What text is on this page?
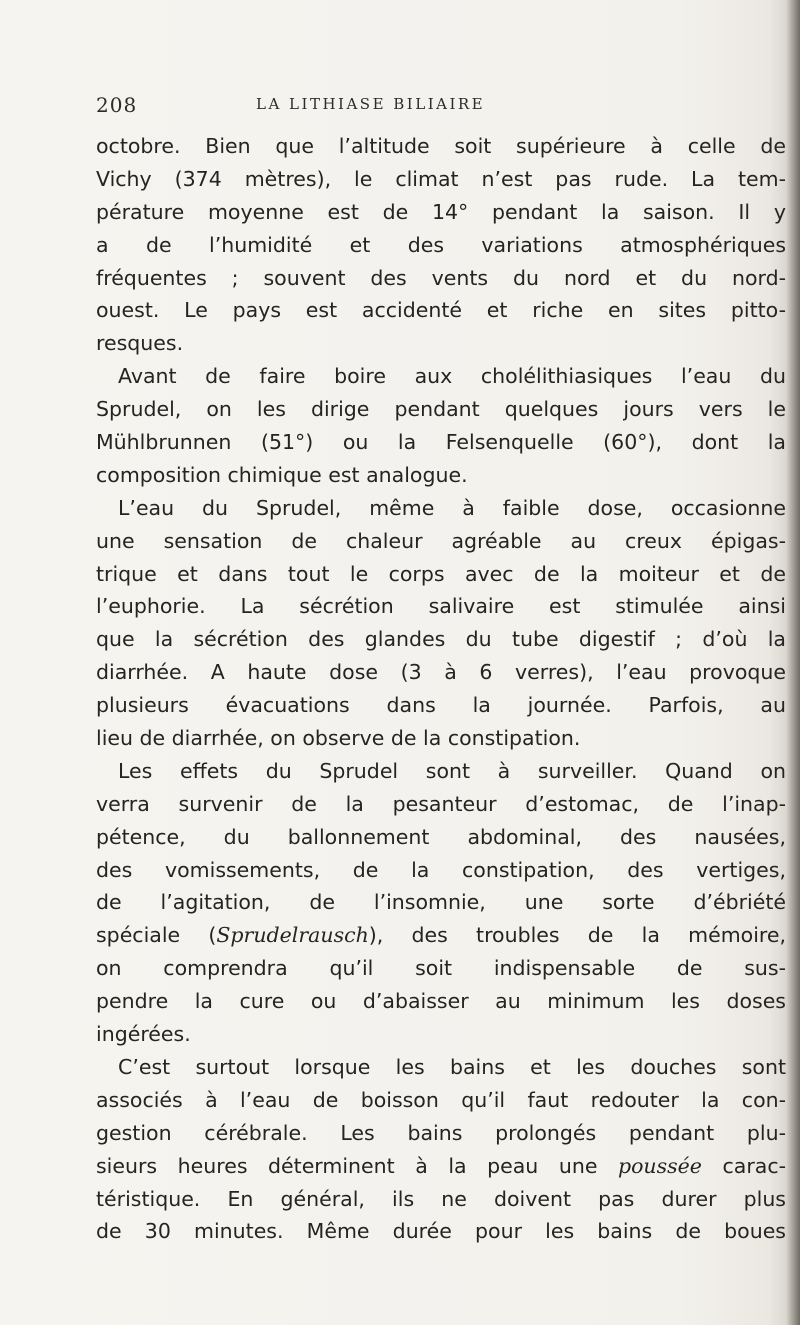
208	LA LITHIASE BILIAIRE
octobre. Bien que l’altitude soit supérieure à celle de
Vichy (374 mètres), le climat n’est pas rude. La tem-
pérature moyenne est de 14° pendant la saison. Il y
a de l’humidité et des variations atmosphériques
fréquentes ; souvent des vents du nord et du nord-
ouest. Le pays est accidenté et riche en sites pitto-
resques.
Avant de faire boire aux cholélithiasiques l’eau du
Sprudel, on les dirige pendant quelques jours vers le
Mühlbrunnen (51°) ou la Felsenquelle (60°), dont la
composition chimique est analogue.
L’eau du Sprudel, même à faible dose, occasionne
une sensation de chaleur agréable au creux épigas-
trique et dans tout le corps avec de la moiteur et de
l’euphorie. La sécrétion salivaire est stimulée ainsi
que la sécrétion des glandes du tube digestif ; d’où la
diarrhée. A haute dose (3 à 6 verres), l’eau provoque
plusieurs évacuations dans la journée. Parfois, au
lieu de diarrhée, on observe de la constipation.
Les effets du Sprudel sont à surveiller. Quand on
verra survenir de la pesanteur d’estomac, de l’inap-
pétence, du ballonnement abdominal, des nausées,
des vomissements, de la constipation, des vertiges,
de l’agitation, de l’insomnie, une sorte d’ébriété
spéciale (Sprudelrausch), des troubles de la mémoire,
on comprendra qu’il soit indispensable de sus-
pendre la cure ou d’abaisser au minimum les doses
ingérées.
C’est surtout lorsque les bains et les douches sont
associés à l’eau de boisson qu’il faut redouter la con-
gestion cérébrale. Les bains prolongés pendant plu-
sieurs heures déterminent à la peau une poussée carac-
téristique. En général, ils ne doivent pas durer plus
de 30 minutes. Même durée pour les bains de boues
